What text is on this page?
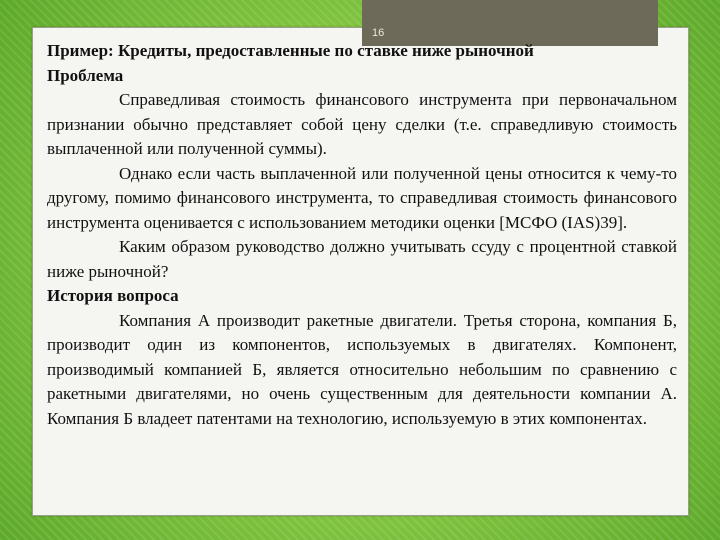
16

Пример: Кредиты, предоставленные по ставке ниже рыночной

Проблема

Справедливая стоимость финансового инструмента при первоначальном признании обычно представляет собой цену сделки (т.е. справедливую стоимость выплаченной или полученной суммы).

Однако если часть выплаченной или полученной цены относится к чему-то другому, помимо финансового инструмента, то справедливая стоимость финансового инструмента оценивается с использованием методики оценки [МСФО (IAS)39].

Каким образом руководство должно учитывать ссуду с процентной ставкой ниже рыночной?

История вопроса

Компания А производит ракетные двигатели. Третья сторона, компания Б, производит один из компонентов, используемых в двигателях. Компонент, производимый компанией Б, является относительно небольшим по сравнению с ракетными двигателями, но очень существенным для деятельности компании А. Компания Б владеет патентами на технологию, используемую в этих компонентах.
